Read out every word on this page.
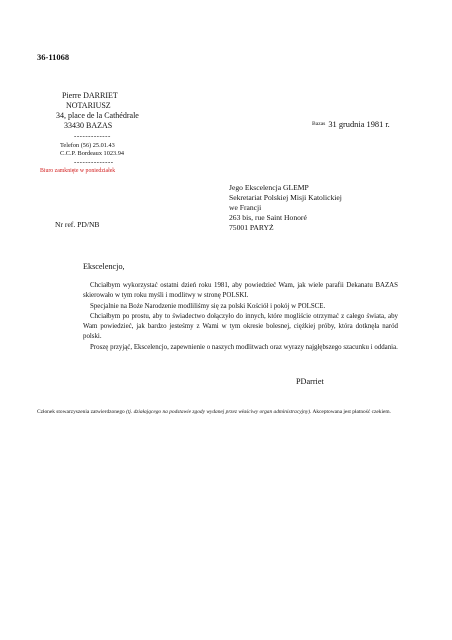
36-11068
Pierre DARRIET
NOTARIUSZ
34, place de la Cathédrale
33430 BAZAS
-------------
Telefon (56) 25.01.43
C.C.P. Bordeaux 1023.94
--------------
Biuro zamknięte w poniedziałek
$^{Bazas}$ 31 grudnia 1981 r.
Jego Ekscelencja GLEMP
Sekretariat Polskiej Misji Katolickiej
we Francji
263 bis, rue Saint Honoré
75001 PARYŻ
Nr ref. PD/NB
Ekscelencjo,

Chciałbym wykorzystać ostatni dzień roku 1981, aby powiedzieć Wam, jak wiele parafii Dekanatu BAZAS skierowało w tym roku myśli i modlitwy w stronę POLSKI.

Specjalnie na Boże Narodzenie modliliśmy się za polski Kościół i pokój w POLSCE.

Chciałbym po prostu, aby to świadectwo dołączyło do innych, które mogliście otrzymać z całego świata, aby Wam powiedzieć, jak bardzo jesteśmy z Wami w tym okresie bolesnej, ciężkiej próby, która dotknęła naród polski.

Proszę przyjąć, Ekscelencjo, zapewnienie o naszych modlitwach oraz wyrazy najgłębszego szacunku i oddania.

PDarriet
Członek stowarzyszenia zatwierdzonego (tj. działającego na podstawie zgody wydanej przez właściwy organ administracyjny). Akceptowana jest płatność czekiem.
